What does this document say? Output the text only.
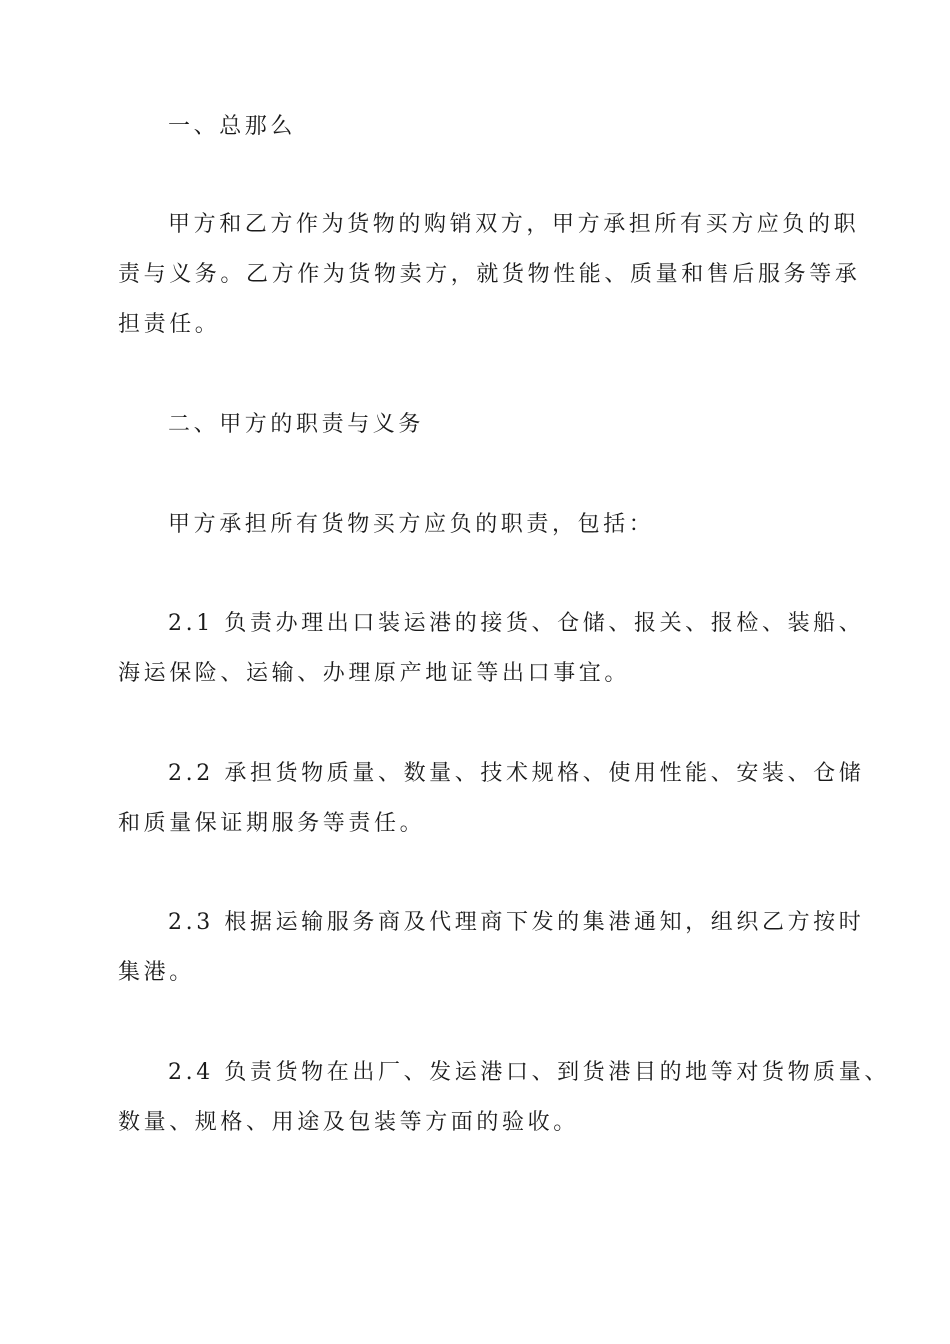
一、总那么
甲方和乙方作为货物的购销双方，甲方承担所有买方应负的职
责与义务。乙方作为货物卖方，就货物性能、质量和售后服务等承
担责任。
二、甲方的职责与义务
甲方承担所有货物买方应负的职责，包括：
2.1 负责办理出口装运港的接货、仓储、报关、报检、装船、
海运保险、运输、办理原产地证等出口事宜。
2.2 承担货物质量、数量、技术规格、使用性能、安装、仓储
和质量保证期服务等责任。
2.3 根据运输服务商及代理商下发的集港通知，组织乙方按时
集港。
2.4 负责货物在出厂、发运港口、到货港目的地等对货物质量、
数量、规格、用途及包装等方面的验收。
